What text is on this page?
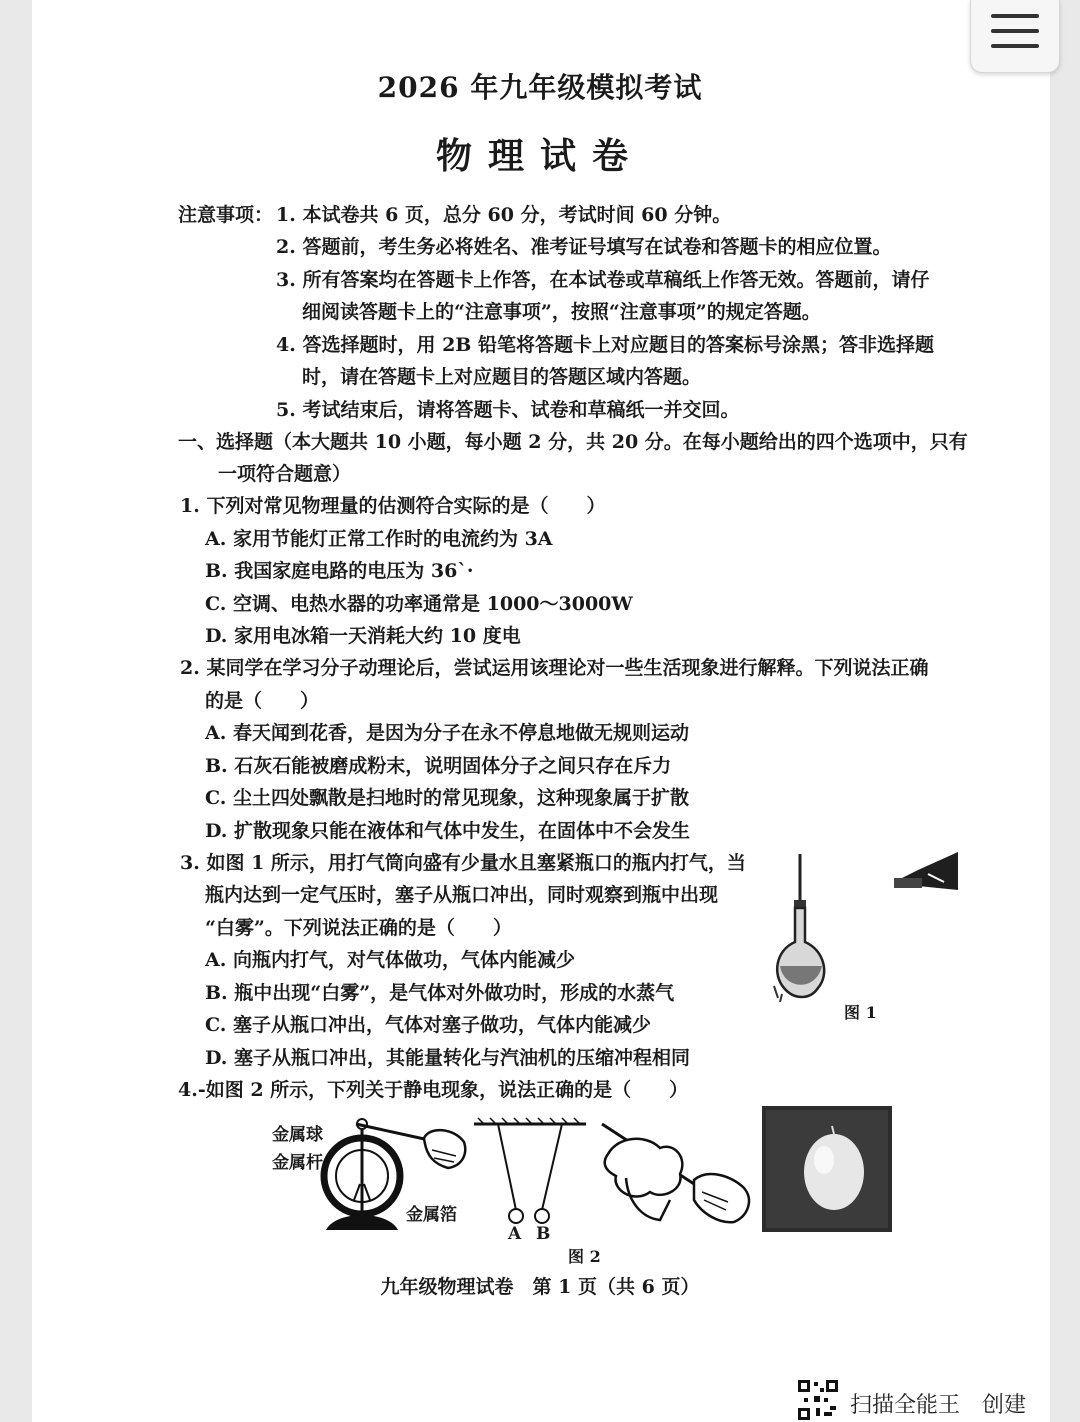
2026 年九年级模拟考试
物理试卷
注意事项： 1. 本试卷共 6 页，总分 60 分，考试时间 60 分钟。
2. 答题前，考生务必将姓名、准考证号填写在试卷和答题卡的相应位置。
3. 所有答案均在答题卡上作答，在本试卷或草稿纸上作答无效。答题前，请仔
细阅读答题卡上的“注意事项”，按照“注意事项”的规定答题。
4. 答选择题时，用 2B 铅笔将答题卡上对应题目的答案标号涂黑；答非选择题
时，请在答题卡上对应题目的答题区域内答题。
5. 考试结束后，请将答题卡、试卷和草稿纸一并交回。
一、选择题（本大题共 10 小题，每小题 2 分，共 20 分。在每小题给出的四个选项中，只有
一项符合题意）
1. 下列对常见物理量的估测符合实际的是（　　）
A. 家用节能灯正常工作时的电流约为 3A
B. 我国家庭电路的电压为 36`·
C. 空调、电热水器的功率通常是 1000～3000W
D. 家用电冰箱一天消耗大约 10 度电
2. 某同学在学习分子动理论后，尝试运用该理论对一些生活现象进行解释。下列说法正确
的是（　　）
A. 春天闻到花香，是因为分子在永不停息地做无规则运动
B. 石灰石能被磨成粉末，说明固体分子之间只存在斥力
C. 尘土四处飘散是扫地时的常见现象，这种现象属于扩散
D. 扩散现象只能在液体和气体中发生，在固体中不会发生
3. 如图 1 所示，用打气筒向盛有少量水且塞紧瓶口的瓶内打气，当
瓶内达到一定气压时，塞子从瓶口冲出，同时观察到瓶中出现
“白雾”。下列说法正确的是（　　）
A. 向瓶内打气，对气体做功，气体内能减少
B. 瓶中出现“白雾”，是气体对外做功时，形成的水蒸气
C. 塞子从瓶口冲出，气体对塞子做功，气体内能减少
D. 塞子从瓶口冲出，其能量转化与汽油机的压缩冲程相同
图 1
4.-如图 2 所示，下列关于静电现象，说法正确的是（　　）
金属球
金属杆
金属箔
A B
图 2
九年级物理试卷　第 1 页（共 6 页）
扫描全能王　创建
